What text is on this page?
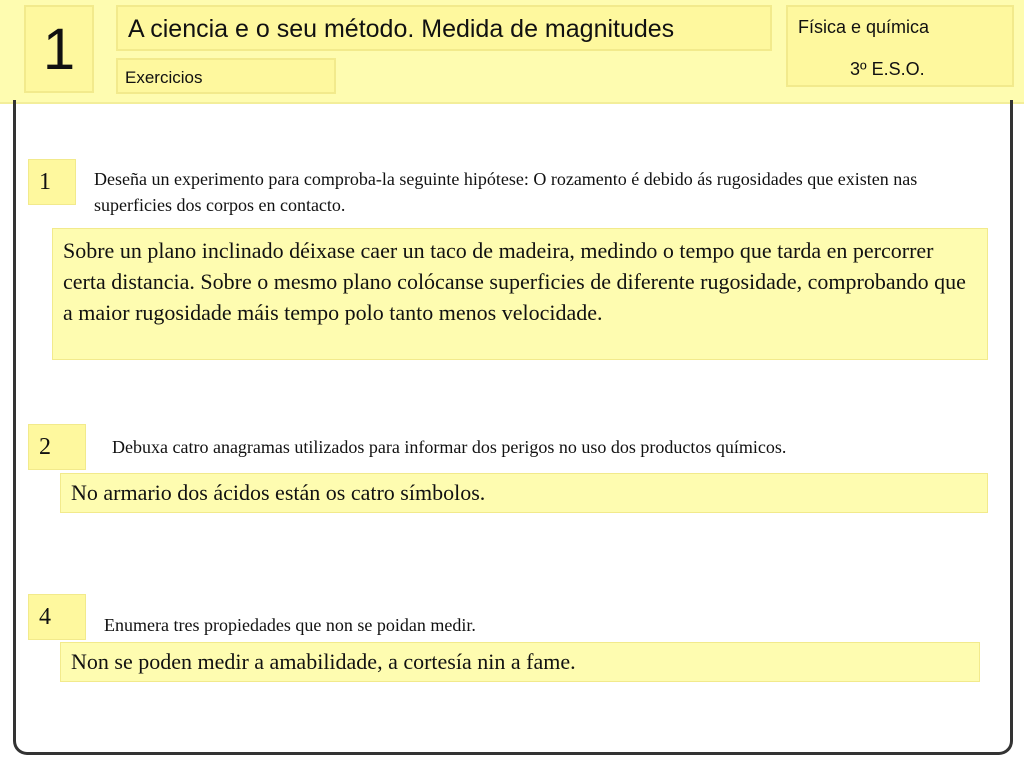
1	A ciencia e o seu método. Medida de magnitudes
Exercicios
Física e química
3º E.S.O.
1	Deseña un experimento para comproba-la seguinte hipótese: O rozamento é debido ás rugosidades que existen nas superficies dos corpos en contacto.
Sobre un plano inclinado déixase caer un taco de madeira, medindo o tempo que tarda en percorrer certa distancia. Sobre o mesmo plano colócanse superficies de diferente rugosidade, comprobando que a maior rugosidade máis tempo polo tanto menos velocidade.
2	Debuxa catro anagramas utilizados para informar dos perigos no uso dos productos químicos.
No armario dos ácidos están os catro símbolos.
4	Enumera tres propiedades que non se poidan medir.
Non se poden medir a amabilidade, a cortesía nin a fame.
